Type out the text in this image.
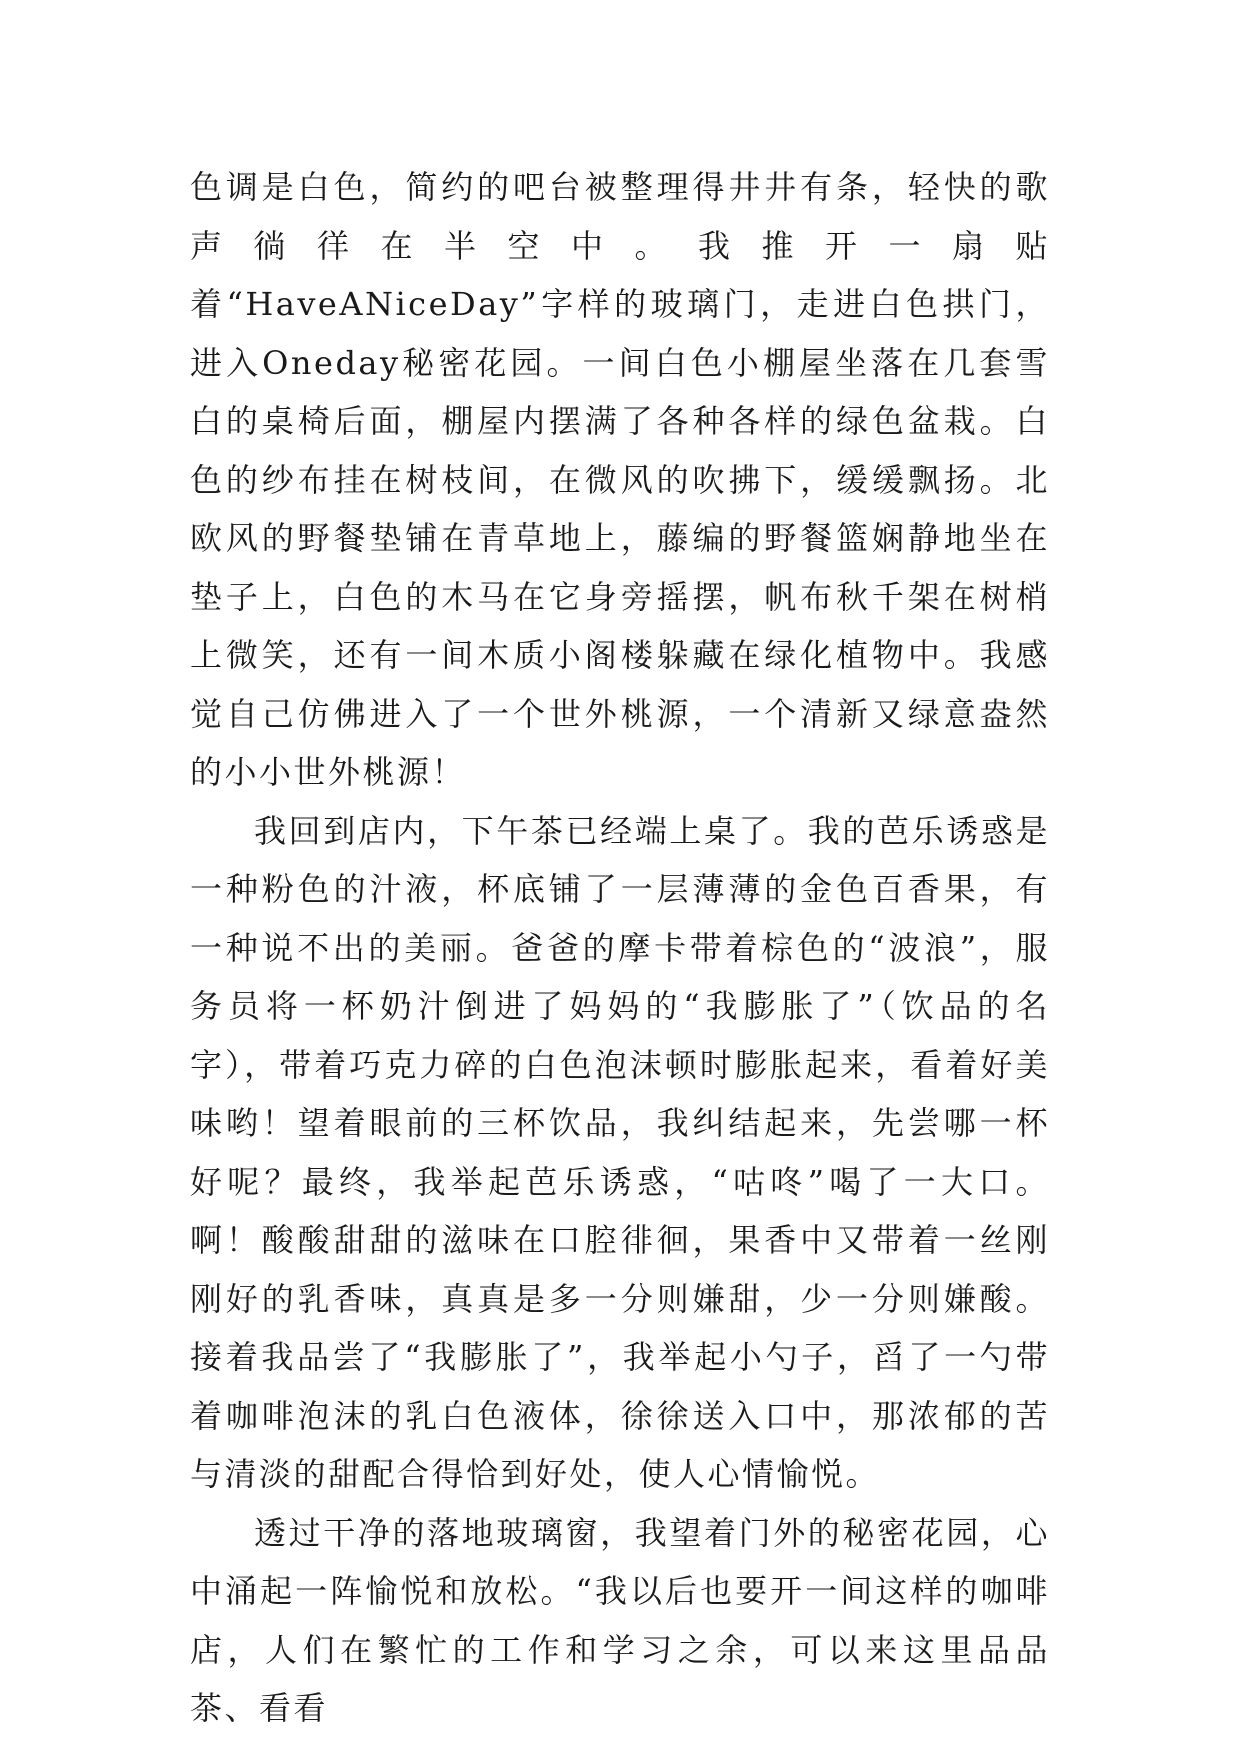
色调是白色，简约的吧台被整理得井井有条，轻快的歌声徜徉在半空中。我推开一扇贴着“HaveANiceDay”字样的玻璃门，走进白色拱门，进入Oneday秘密花园。一间白色小棚屋坐落在几套雪白的桌椅后面，棚屋内摆满了各种各样的绿色盆栽。白色的纱布挂在树枝间，在微风的吹拂下，缓缓飘扬。北欧风的野餐垫铺在青草地上，藤编的野餐篮娴静地坐在垫子上，白色的木马在它身旁摇摆，帆布秋千架在树梢上微笑，还有一间木质小阁楼躲藏在绿化植物中。我感觉自己仿佛进入了一个世外桃源，一个清新又绿意盎然的小小世外桃源！

我回到店内，下午茶已经端上桌了。我的芭乐诱惑是一种粉色的汁液，杯底铺了一层薄薄的金色百香果，有一种说不出的美丽。爸爸的摩卡带着棕色的“波浪”，服务员将一杯奶汁倒进了妈妈的“我膨胀了”（饮品的名字），带着巧克力碎的白色泡沫顿时膨胀起来，看着好美味哟！望着眼前的三杯饮品，我纠结起来，先尝哪一杯好呢？最终，我举起芭乐诱惑，“咕咚”喝了一大口。啊！酸酸甜甜的滋味在口腔徘徊，果香中又带着一丝刚刚好的乳香味，真真是多一分则嫌甜，少一分则嫌酸。接着我品尝了“我膨胀了”，我举起小勺子，舀了一勺带着咖啡泡沫的乳白色液体，徐徐送入口中，那浓郁的苦与清淡的甜配合得恰到好处，使人心情愉悦。

透过干净的落地玻璃窗，我望着门外的秘密花园，心中涌起一阵愉悦和放松。“我以后也要开一间这样的咖啡店，人们在繁忙的工作和学习之余，可以来这里品品茶、看看
